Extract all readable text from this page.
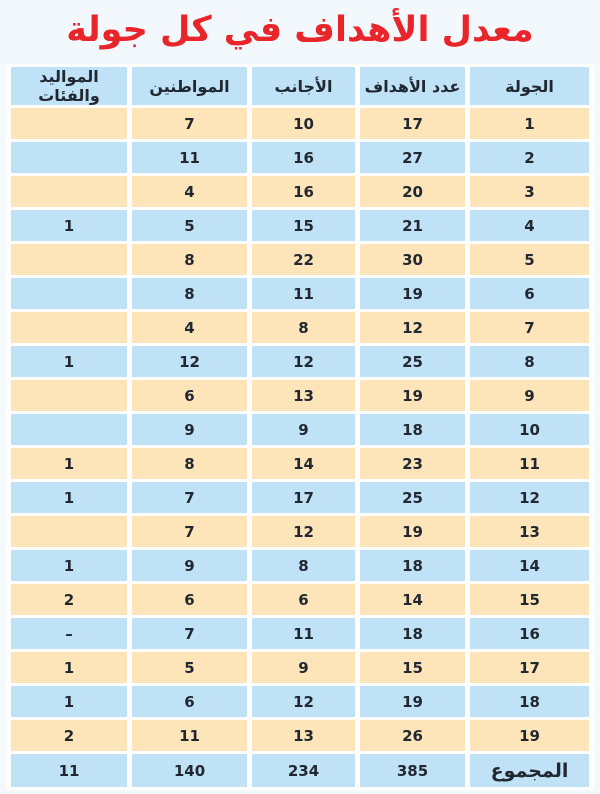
معدل الأهداف في كل جولة
الجولة	عدد الأهداف	الأجانب	المواطنين	المواليد والفئات
1	17	10	7	
2	27	16	11	
3	20	16	4	
4	21	15	5	1
5	30	22	8	
6	19	11	8	
7	12	8	4	
8	25	12	12	1
9	19	13	6	
10	18	9	9	
11	23	14	8	1
12	25	17	7	1
13	19	12	7	
14	18	8	9	1
15	14	6	6	2
16	18	11	7	–
17	15	9	5	1
18	19	12	6	1
19	26	13	11	2
المجموع	385	234	140	11
